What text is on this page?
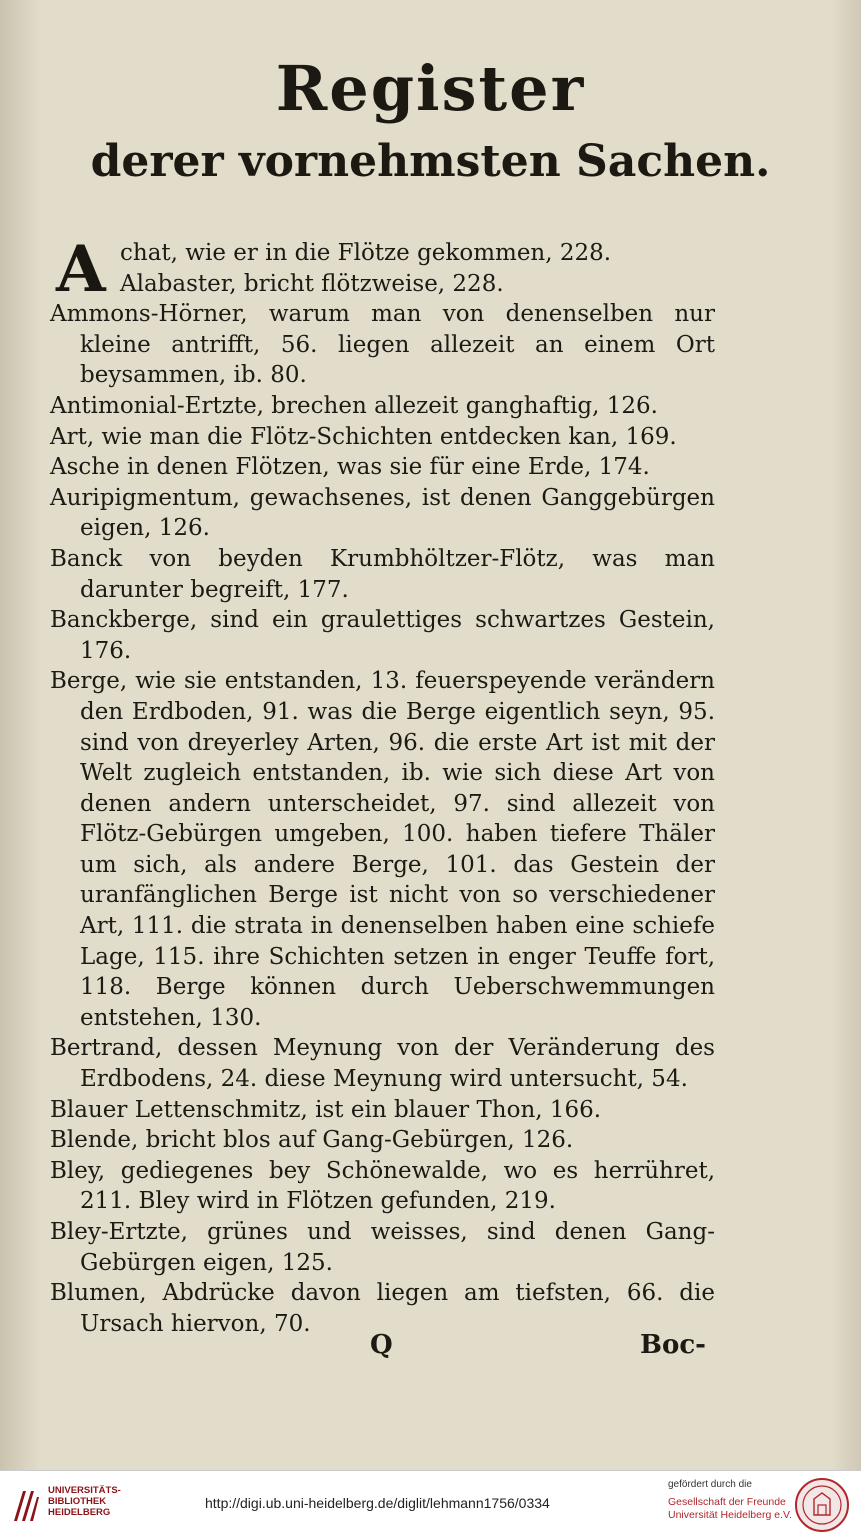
Register
derer vornehmsten Sachen.
A chat, wie er in die Flötze gekommen, 228.
Alabaster, bricht flötzweise, 228.
Ammons-Hörner, warum man von denenselben nur kleine antrifft, 56. liegen allezeit an einem Ort beysammen, ib. 80.
Antimonial-Ertzte, brechen allezeit ganghaftig, 126.
Art, wie man die Flötz-Schichten entdecken kan, 169.
Asche in denen Flötzen, was sie für eine Erde, 174.
Auripigmentum, gewachsenes, ist denen Ganggebürgen eigen, 126.
Banck von beyden Krumbhöltzer-Flötz, was man darunter begreift, 177.
Banckberge, sind ein graulettiges schwartzes Gestein, 176.
Berge, wie sie entstanden, 13. feuerspeyende verändern den Erdboden, 91. was die Berge eigentlich seyn, 95. sind von dreyerley Arten, 96. die erste Art ist mit der Welt zugleich entstanden, ib. wie sich diese Art von denen andern unterscheidet, 97. sind allezeit von Flötz-Gebürgen umgeben, 100. haben tiefere Thäler um sich, als andere Berge, 101. das Gestein der uranfänglichen Berge ist nicht von so verschiedener Art, 111. die strata in denenselben haben eine schiefe Lage, 115. ihre Schichten setzen in enger Teuffe fort, 118. Berge können durch Ueberschwemmungen entstehen, 130.
Bertrand, dessen Meynung von der Veränderung des Erdbodens, 24. diese Meynung wird untersucht, 54.
Blauer Lettenschmitz, ist ein blauer Thon, 166.
Blende, bricht blos auf Gang-Gebürgen, 126.
Bley, gediegenes bey Schönewalde, wo es herrühret, 211. Bley wird in Flötzen gefunden, 219.
Bley-Ertzte, grünes und weisses, sind denen Gang-Gebürgen eigen, 125.
Blumen, Abdrücke davon liegen am tiefsten, 66. die Ursach hiervon, 70.
Q	Boc-
UNIVERSITÄTS-
BIBLIOTHEK
HEIDELBERG
http://digi.ub.uni-heidelberg.de/diglit/lehmann1756/0334
gefördert durch die
Gesellschaft der Freunde
Universität Heidelberg e.V.
